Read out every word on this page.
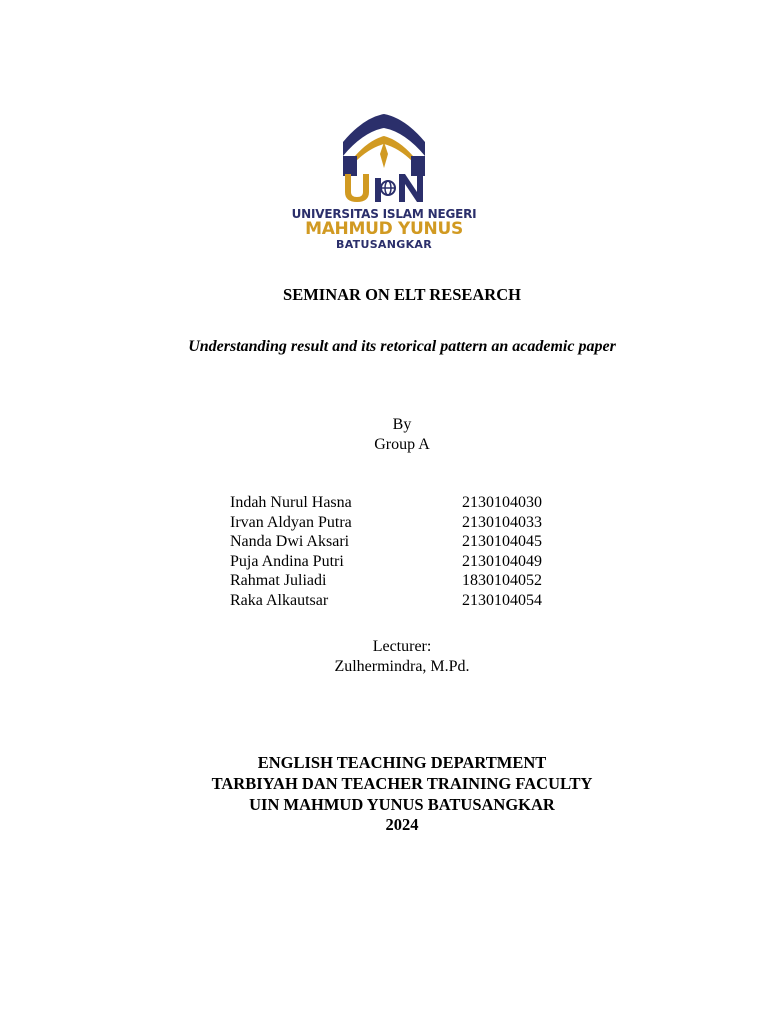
UNIVERSITAS ISLAM NEGERI
MAHMUD YUNUS
BATUSANGKAR
SEMINAR ON ELT RESEARCH
Understanding result and its retorical pattern an academic paper
By
Group A
Indah Nurul Hasna	2130104030
Irvan Aldyan Putra	2130104033
Nanda Dwi Aksari	2130104045
Puja Andina Putri	2130104049
Rahmat Juliadi	1830104052
Raka Alkautsar	2130104054
Lecturer:
Zulhermindra, M.Pd.
ENGLISH TEACHING DEPARTMENT
TARBIYAH DAN TEACHER TRAINING FACULTY
UIN MAHMUD YUNUS BATUSANGKAR
2024
